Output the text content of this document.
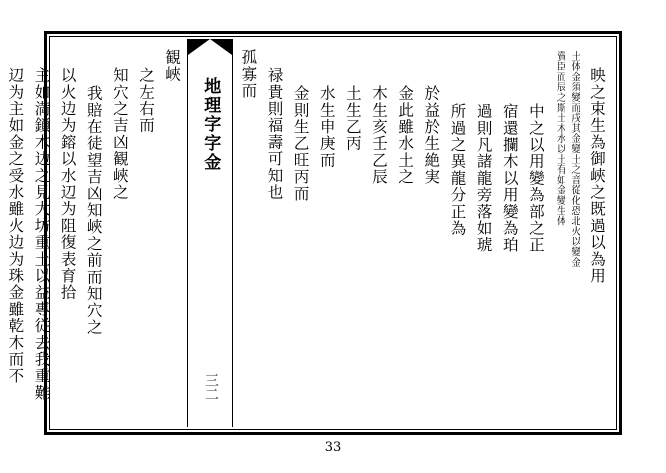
孤寡而 禄貴則福壽可知也 金則生乙旺丙而 水生申庚而 土生乙丙 木生亥壬乙辰 金此雖水土之 於益於生絶実 所過之異龍分正為 過則凡諸龍旁落如琥 宿還攔木以用變為珀 中之以用變為部之正 賣臣而辰之斯土木水以土有如金變生体 土体金須變而戌其金變土之音從化恐北火以變金 映之束生為御峽之既過以為用
地理字字金
三二
辺为主如金之受水雖火边为珠金雖乾木而不 主如満鎖木边之見大坊重土以益專従去我重難 以火边为鎔以水辺为阻復表育拾 我賠在徒望吉凶知峽之前而知穴之 知穴之吉凶観峽之 之左右而
観峽
33
